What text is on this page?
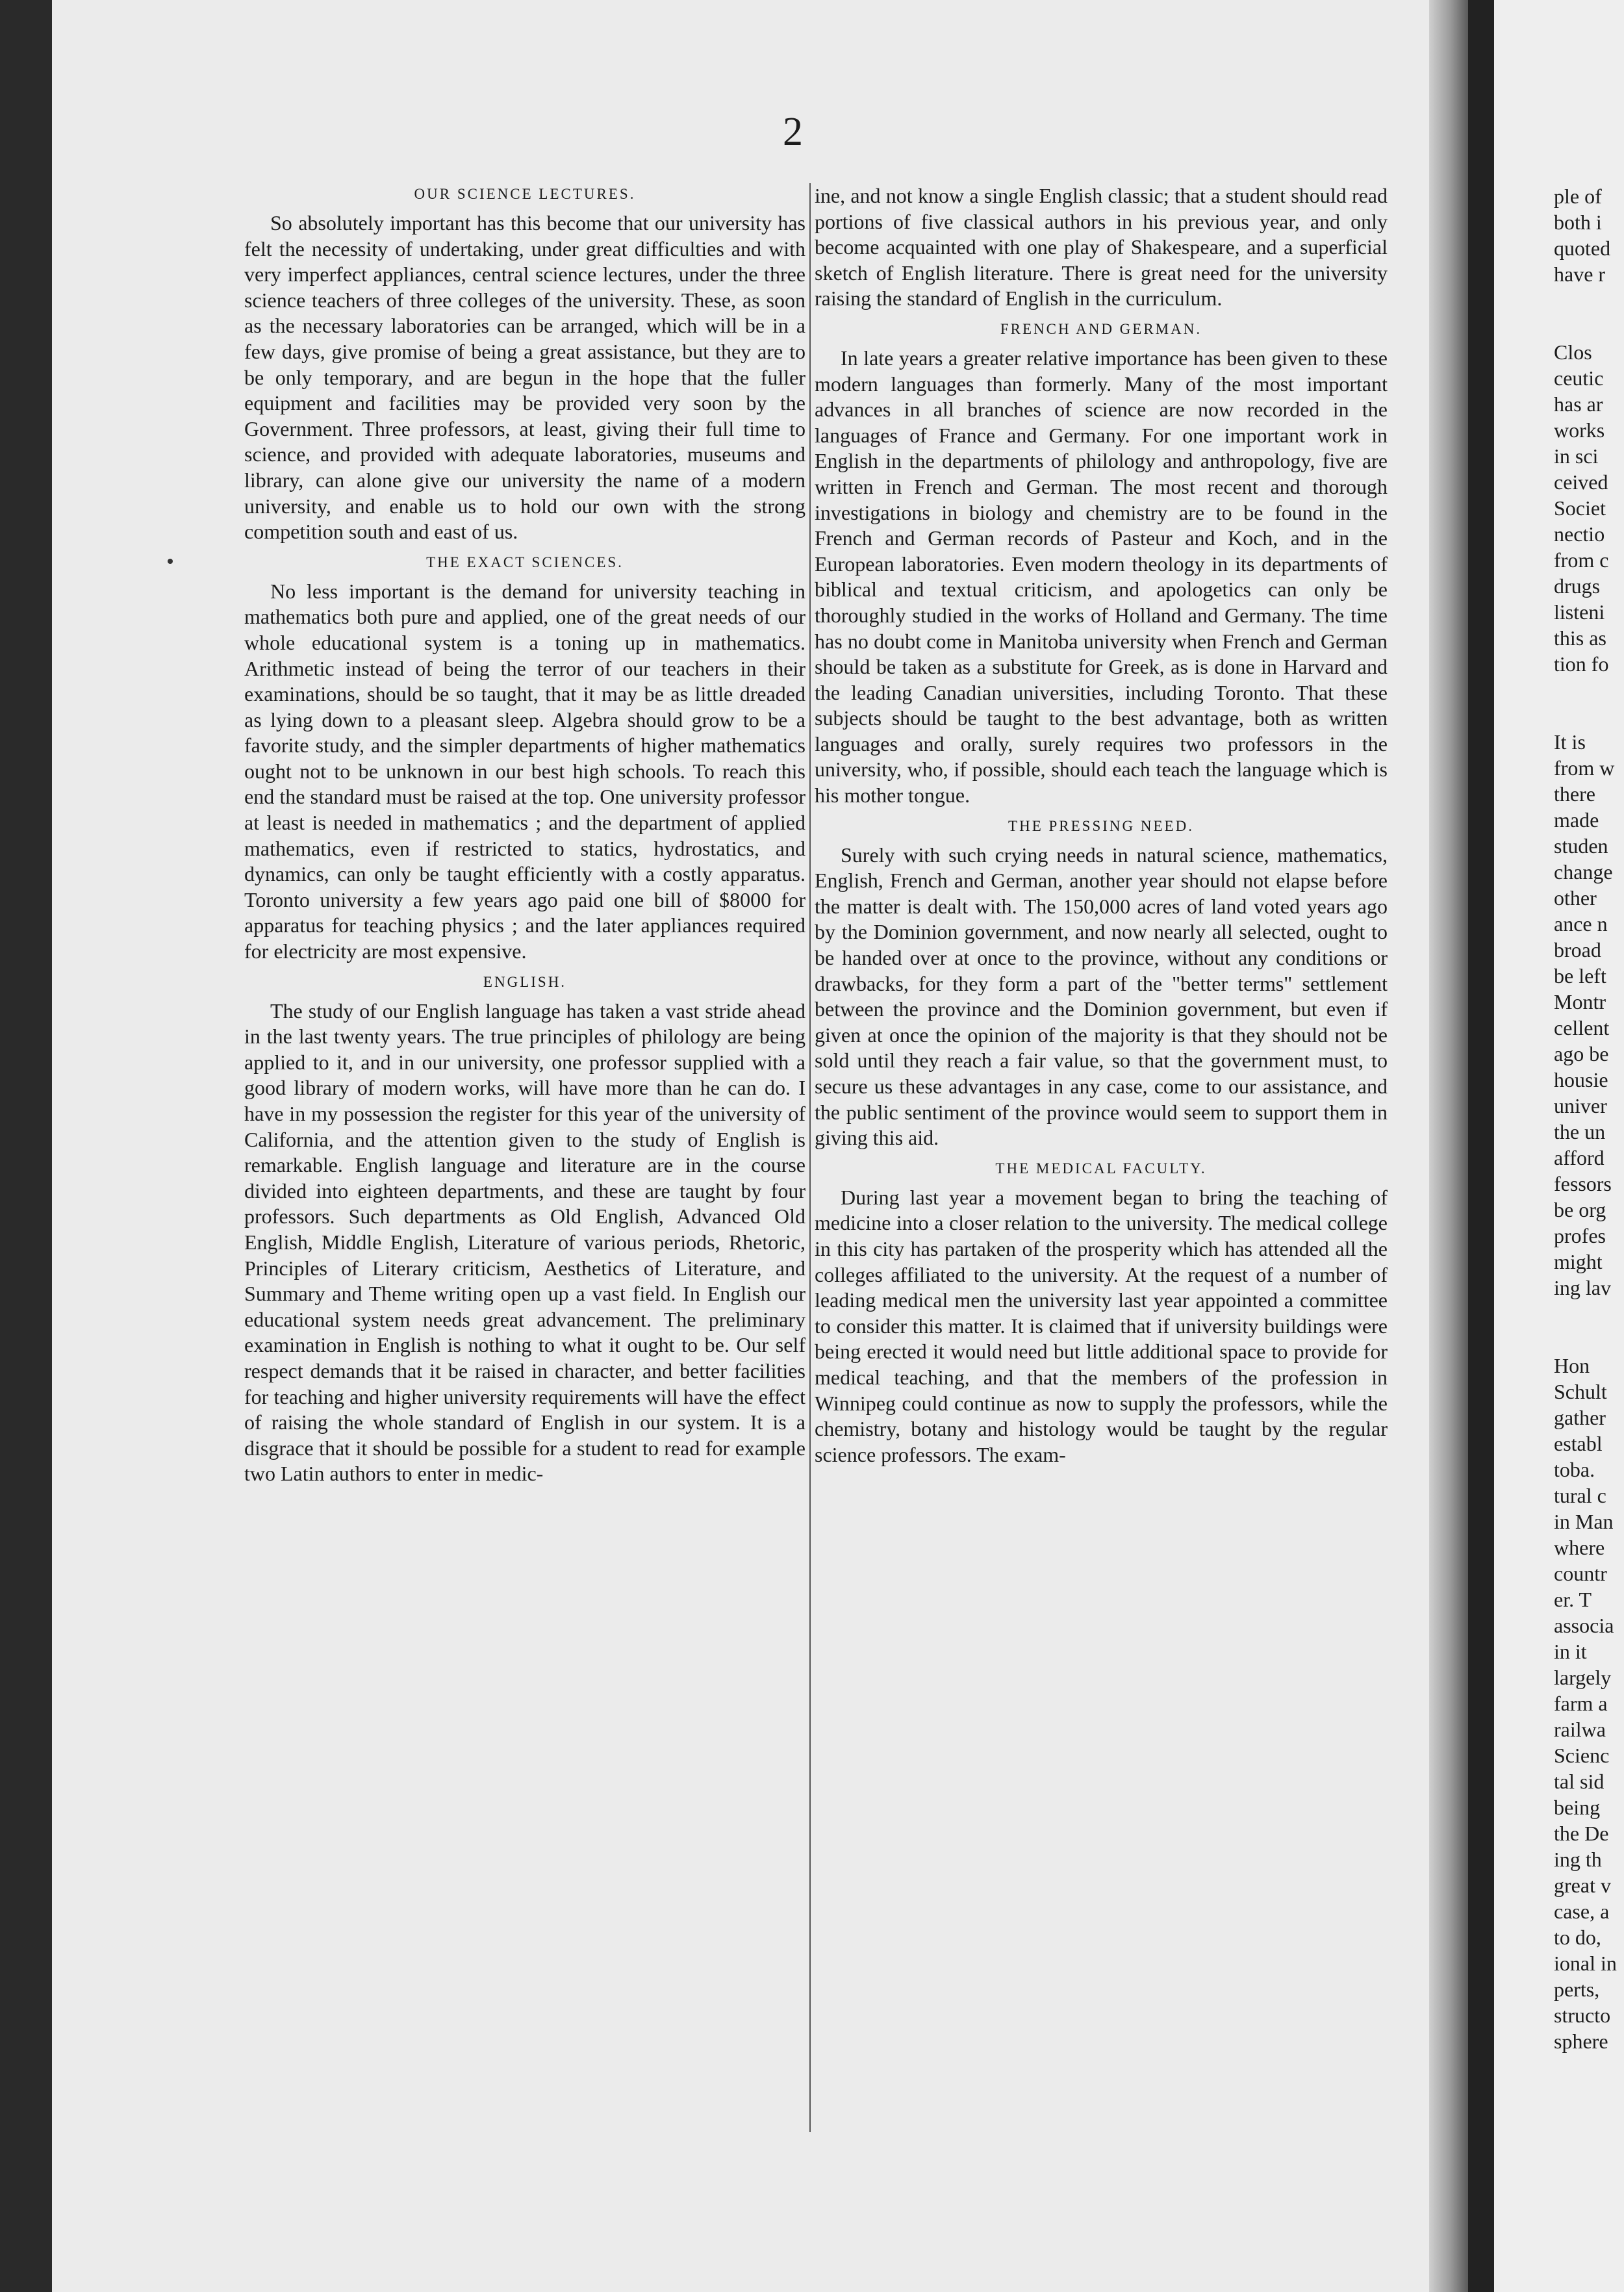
2
OUR SCIENCE LECTURES.

So absolutely important has this become that our university has felt the necessity of undertaking, under great difficulties and with very imperfect appliances, central science lectures, under the three science teachers of three colleges of the university. These, as soon as the necessary laboratories can be arranged, which will be in a few days, give promise of being a great assistance, but they are to be only temporary, and are begun in the hope that the fuller equipment and facilities may be provided very soon by the Government. Three professors, at least, giving their full time to science, and provided with adequate laboratories, museums and library, can alone give our university the name of a modern university, and enable us to hold our own with the strong competition south and east of us.

THE EXACT SCIENCES.

No less important is the demand for university teaching in mathematics both pure and applied, one of the great needs of our whole educational system is a toning up in mathematics. Arithmetic instead of being the terror of our teachers in their examinations, should be so taught, that it may be as little dreaded as lying down to a pleasant sleep. Algebra should grow to be a favorite study, and the simpler departments of higher mathematics ought not to be unknown in our best high schools. To reach this end the standard must be raised at the top. One university professor at least is needed in mathematics ; and the department of applied mathematics, even if restricted to statics, hydrostatics, and dynamics, can only be taught efficiently with a costly apparatus. Toronto university a few years ago paid one bill of $8000 for apparatus for teaching physics ; and the later appliances required for electricity are most expensive.

ENGLISH.

The study of our English language has taken a vast stride ahead in the last twenty years. The true principles of philology are being applied to it, and in our university, one professor supplied with a good library of modern works, will have more than he can do. I have in my possession the register for this year of the university of California, and the attention given to the study of English is remarkable. English language and literature are in the course divided into eighteen departments, and these are taught by four professors. Such departments as Old English, Advanced Old English, Middle English, Literature of various periods, Rhetoric, Principles of Literary criticism, Aesthetics of Literature, and Summary and Theme writing open up a vast field. In English our educational system needs great advancement. The preliminary examination in English is nothing to what it ought to be. Our self respect demands that it be raised in character, and better facilities for teaching and higher university requirements will have the effect of raising the whole standard of English in our system. It is a disgrace that it should be possible for a student to read for example two Latin authors to enter in medic-

ine, and not know a single English classic; that a student should read portions of five classical authors in his previous year, and only become acquainted with one play of Shakespeare, and a superficial sketch of English literature. There is great need for the university raising the standard of English in the curriculum.

FRENCH AND GERMAN.

In late years a greater relative importance has been given to these modern languages than formerly. Many of the most important advances in all branches of science are now recorded in the languages of France and Germany. For one important work in English in the departments of philology and anthropology, five are written in French and German. The most recent and thorough investigations in biology and chemistry are to be found in the French and German records of Pasteur and Koch, and in the European laboratories. Even modern theology in its departments of biblical and textual criticism, and apologetics can only be thoroughly studied in the works of Holland and Germany. The time has no doubt come in Manitoba university when French and German should be taken as a substitute for Greek, as is done in Harvard and the leading Canadian universities, including Toronto. That these subjects should be taught to the best advantage, both as written languages and orally, surely requires two professors in the university, who, if possible, should each teach the language which is his mother tongue.

THE PRESSING NEED.

Surely with such crying needs in natural science, mathematics, English, French and German, another year should not elapse before the matter is dealt with. The 150,000 acres of land voted years ago by the Dominion government, and now nearly all selected, ought to be handed over at once to the province, without any conditions or drawbacks, for they form a part of the "better terms" settlement between the province and the Dominion government, but even if given at once the opinion of the majority is that they should not be sold until they reach a fair value, so that the government must, to secure us these advantages in any case, come to our assistance, and the public sentiment of the province would seem to support them in giving this aid.

THE MEDICAL FACULTY.

During last year a movement began to bring the teaching of medicine into a closer relation to the university. The medical college in this city has partaken of the prosperity which has attended all the colleges affiliated to the university. At the request of a number of leading medical men the university last year appointed a committee to consider this matter. It is claimed that if university buildings were being erected it would need but little additional space to provide for medical teaching, and that the members of the profession in Winnipeg could continue as now to supply the professors, while the chemistry, botany and histology would be taught by the regular science professors. The exam-

ple of
both i
quoted
have r
Clos
ceutic
has ar
works
in sci
ceived
Societ
nectio
from c
drugs
listeni
this as
tion fo
It is
from w
there
made
studen
change
other
ance n
broad
be left
Montr
cellent
ago be
housie
univer
the un
afford
fessors
be org
profes
might
ing lav
Hon
Schult
gather
establ
toba.
tural c
in Man
where
countr
er. T
associa
in it
largely
farm a
railwa
Scienc
tal sid
being
the De
ing th
great v
case, a
to do,
ional in
perts,
structo
sphere
